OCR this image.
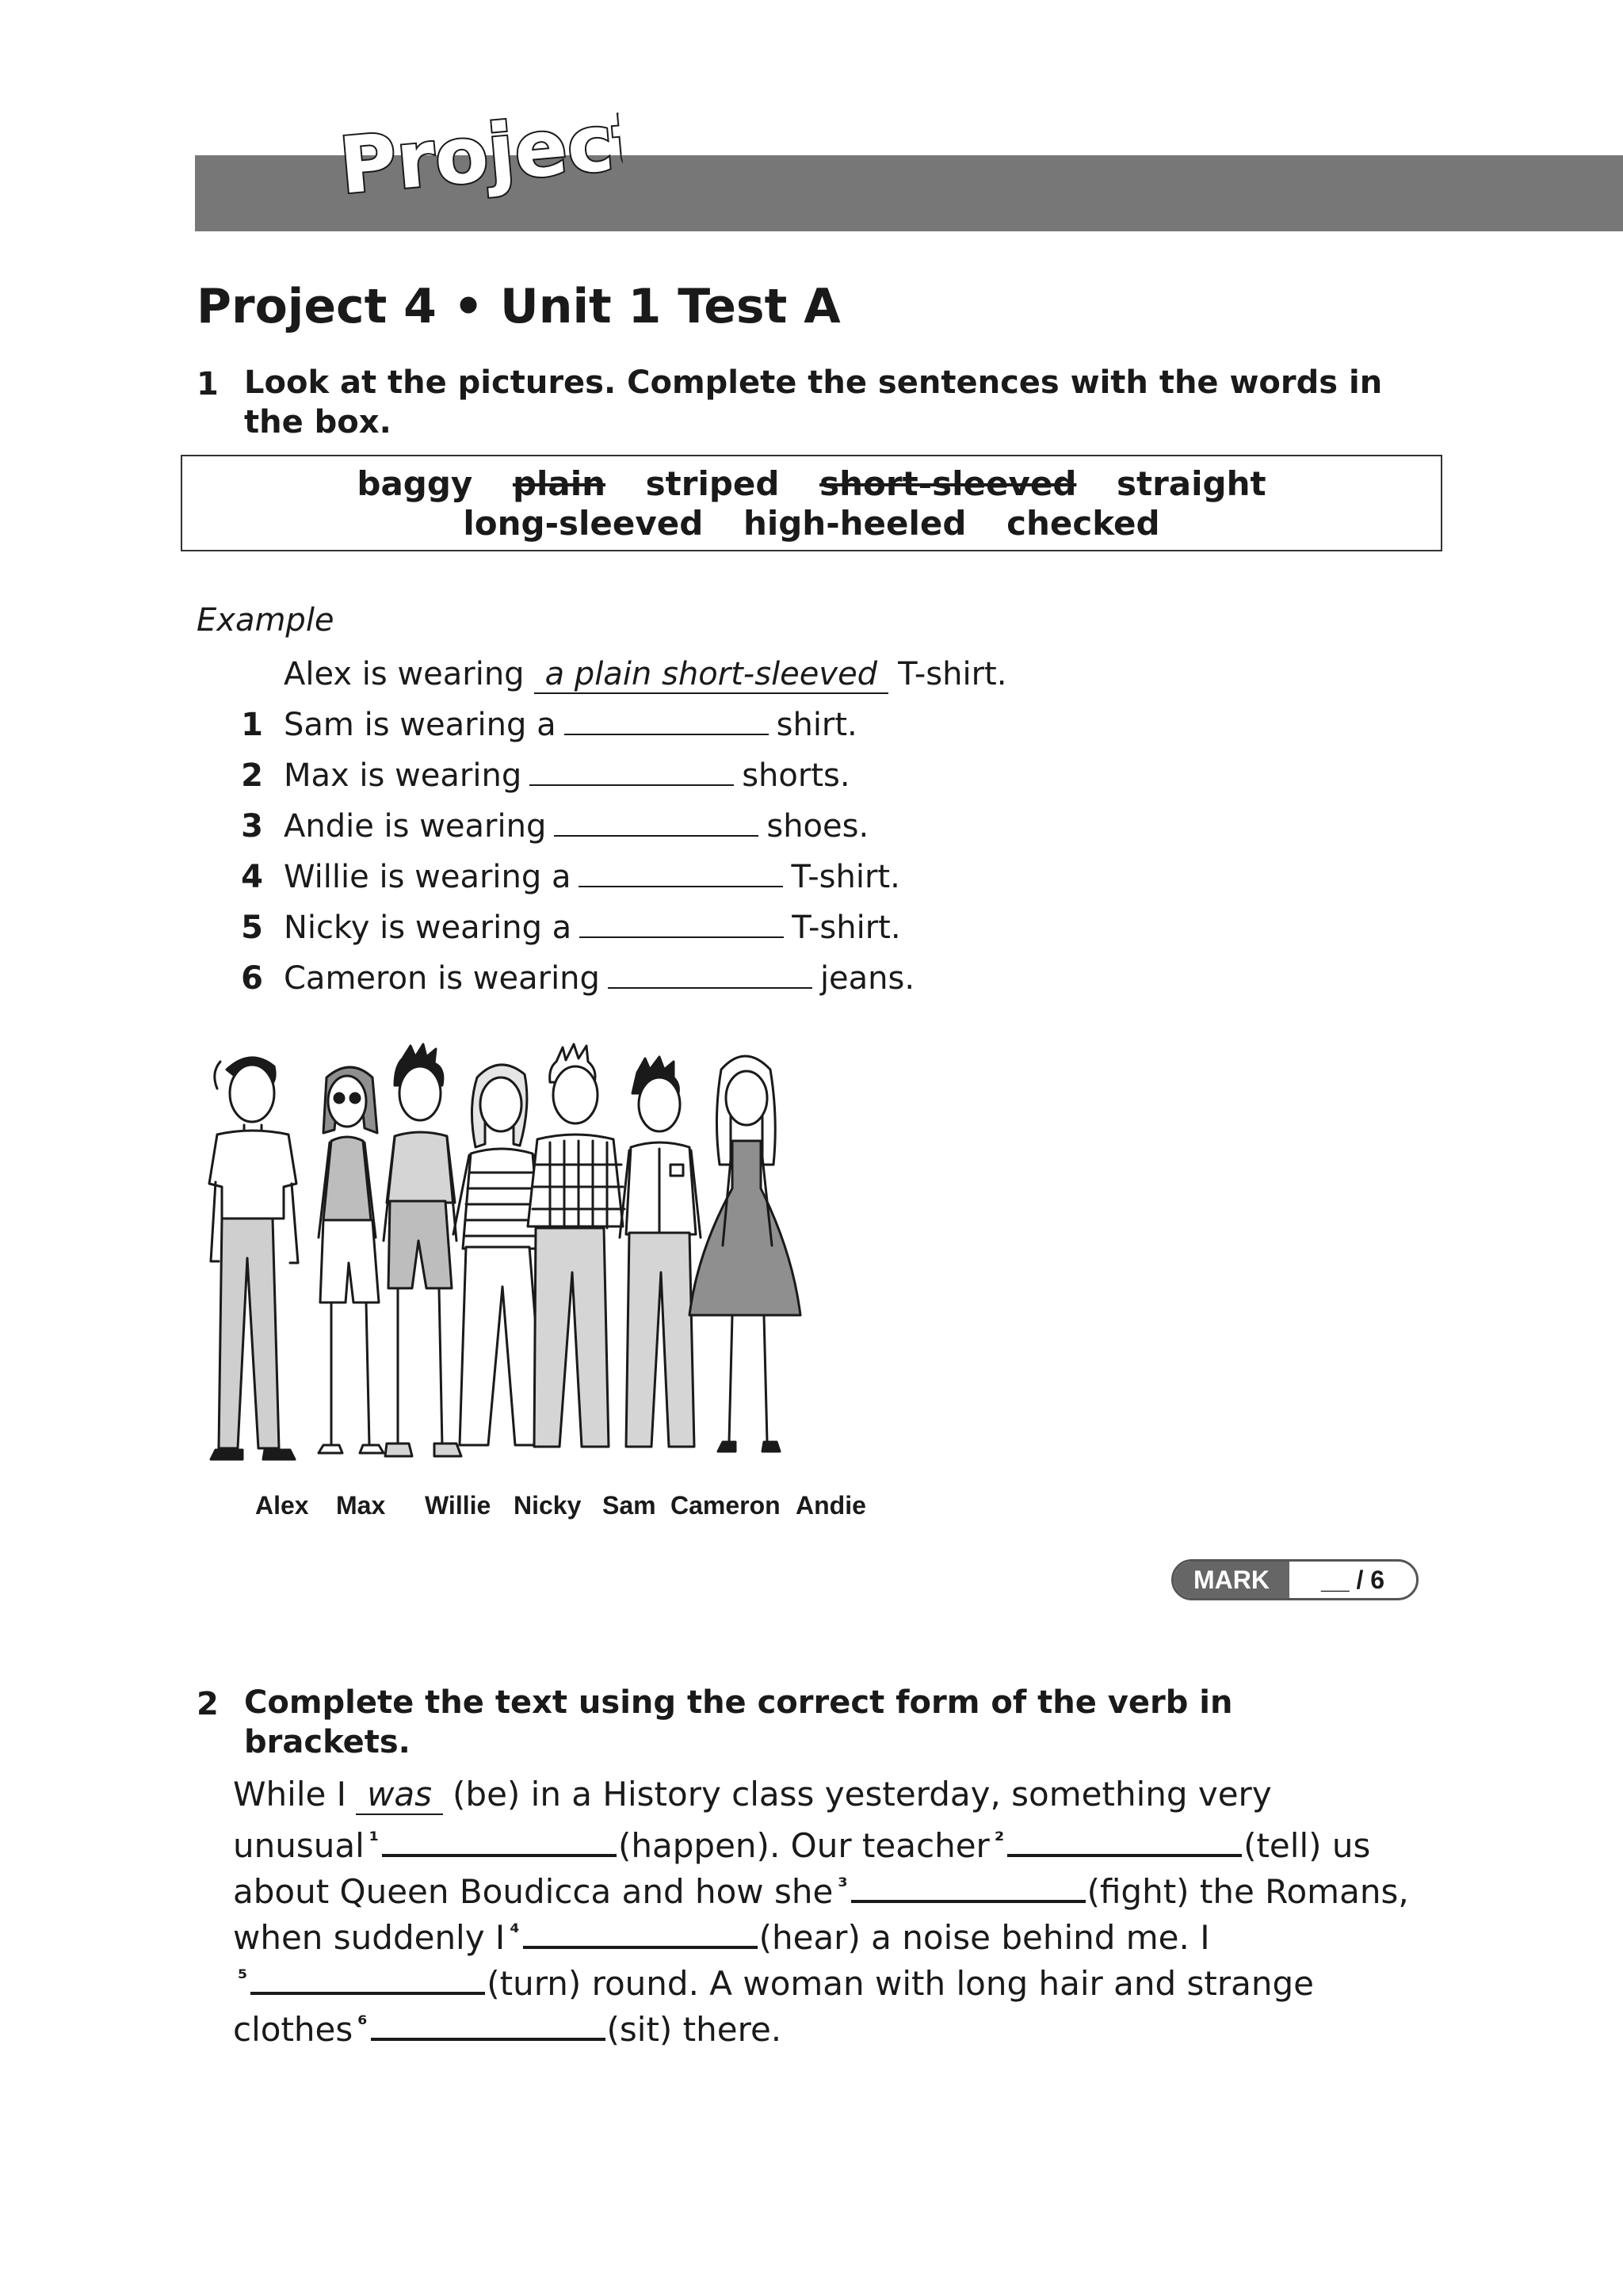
Project
Project 4 • Unit 1 Test A
1 Look at the pictures. Complete the sentences with the words in
the box.
baggy plain striped short-sleeved straight
long-sleeved high-heeled checked
Example
Alex is wearing a plain short-sleeved T-shirt.
1 Sam is wearing a	shirt.
2 Max is wearing	shorts.
3 Andie is wearing	shoes.
4 Willie is wearing a	T-shirt.
5 Nicky is wearing a	T-shirt.
6 Cameron is wearing	jeans.
Alex Max Willie Nicky Sam Cameron Andie
MARK	__ / 6
2 Complete the text using the correct form of the verb in
brackets.
While I was (be) in a History class yesterday, something very
unusual $^{^1}$	(happen). Our teacher $^{^2}$	(tell) us
about Queen Boudicca and how she $^{^3}$	(fight) the Romans,
when suddenly I $^{^4}$	(hear) a noise behind me. I
$^{^5}$	(turn) round. A woman with long hair and strange
clothes $^{^6}$	(sit) there.
